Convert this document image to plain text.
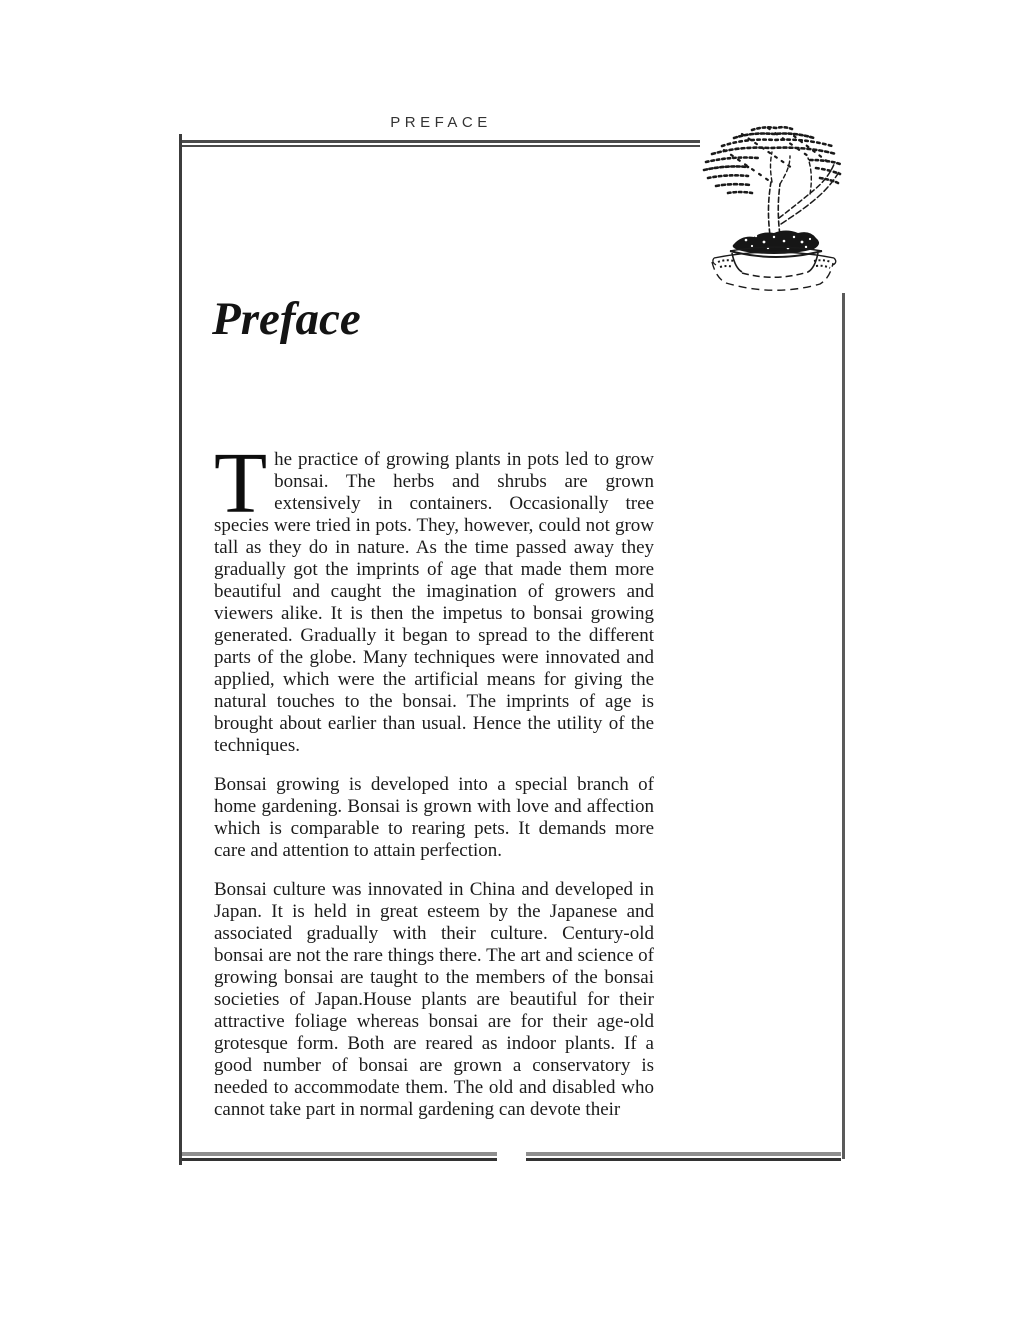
PREFACE
Preface

The practice of growing plants in pots led to grow bonsai. The herbs and shrubs are grown extensively in containers. Occasionally tree species were tried in pots. They, however, could not grow tall as they do in nature. As the time passed away they gradually got the imprints of age that made them more beautiful and caught the imagination of growers and viewers alike. It is then the impetus to bonsai growing generated. Gradually it began to spread to the different parts of the globe. Many techniques were innovated and applied, which were the artificial means for giving the natural touches to the bonsai. The imprints of age is brought about earlier than usual. Hence the utility of the techniques.

Bonsai growing is developed into a special branch of home gardening. Bonsai is grown with love and affection which is comparable to rearing pets. It demands more care and attention to attain perfection.

Bonsai culture was innovated in China and developed in Japan. It is held in great esteem by the Japanese and associated gradually with their culture. Century-old bonsai are not the rare things there. The art and science of growing bonsai are taught to the members of the bonsai societies of Japan.House plants are beautiful for their attractive foliage whereas bonsai are for their age-old grotesque form. Both are reared as indoor plants. If a good number of bonsai are grown a conservatory is needed to accommodate them. The old and disabled who cannot take part in normal gardening can devote their
